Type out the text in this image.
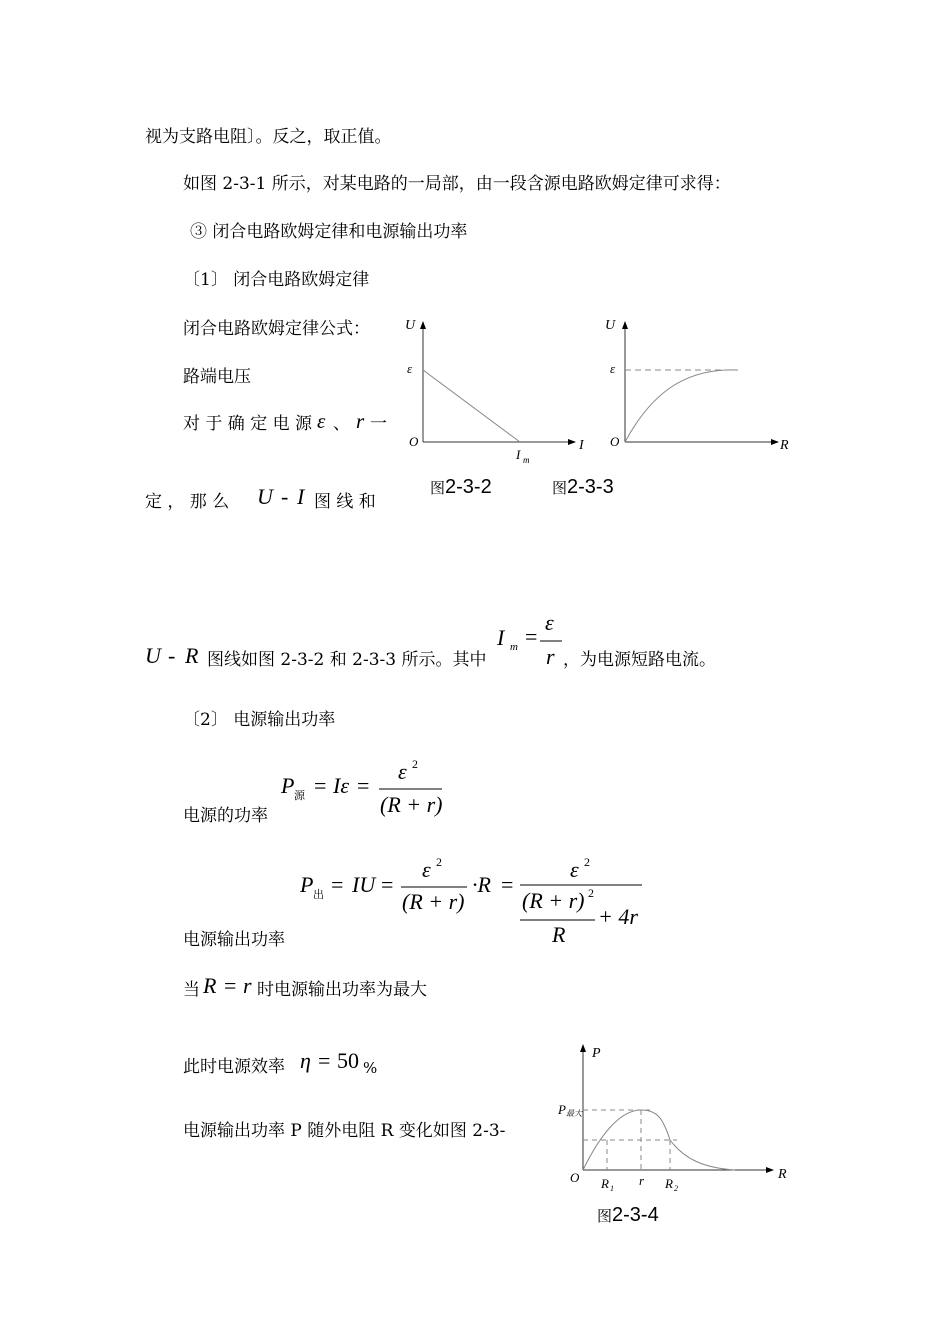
视为支路电阻〕。反之，取正值。
如图 2-3-1 所示，对某电路的一局部，由一段含源电路欧姆定律可求得：
③ 闭合电路欧姆定律和电源输出功率
〔1〕 闭合电路欧姆定律
闭合电路欧姆定律公式：
路端电压
对 于 确 定 电 源 ε 、 r 一
定 ， 那 么 U - I 图 线 和
U - R 图线如图 2-3-2 和 2-3-3 所示。其中
I m =
ε
r ，为电源短路电流。
〔2〕 电源输出功率
P 源 = Iε =
ε 2
(R + r)
电源的功率
P 出 = IU =
ε 2
(R + r)
·R =
ε 2
(R + r) 2
R
+ 4r
电源输出功率
当 R = r 时电源输出功率为最大
此时电源效率 η = 50 %
电源输出功率 P 随外电阻 R 变化如图 2-3-
U
ε
O	I
I m
图2-3-2
U
ε
O	R
图2-3-3
P
P 最大
O	R
R 1
r R 2
图2-3-4
